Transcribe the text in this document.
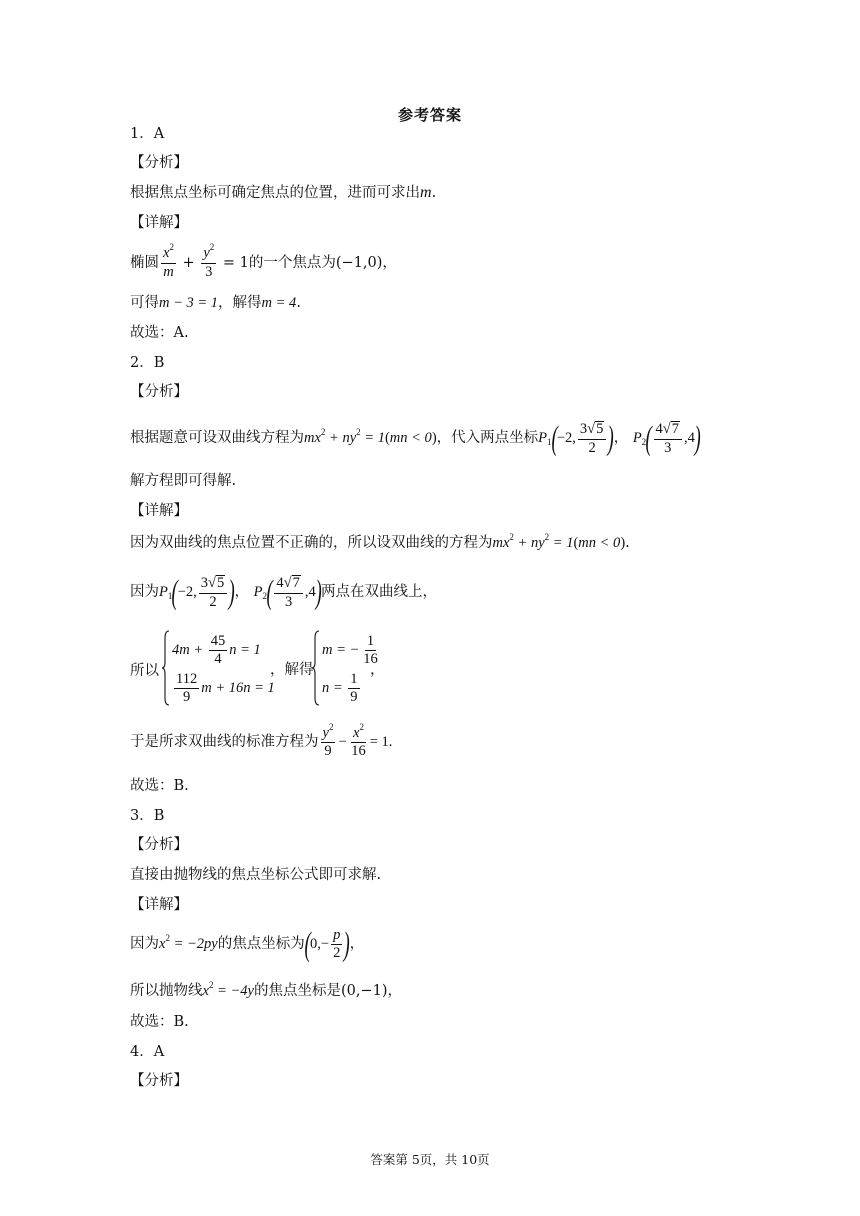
参考答案
1．A
【分析】
根据焦点坐标可确定焦点的位置，进而可求出m.
【详解】
椭圆 $\frac{x^2}{m} + \frac{y^2}{3} = 1$的一个焦点为(−1,0)，
可得m − 3 = 1，解得m = 4.
故选：A.
2．B
【分析】
根据题意可设双曲线方程为$mx^2 + ny^2 = 1(mn < 0)$，代入两点坐标$P_1(-2$, $\frac{3 √ 5}{2}$ )， $P_2( \frac{4 √ 7}{3} ,4)$
解方程即可得解.
【详解】
因为双曲线的焦点位置不正确的，所以设双曲线的方程为$mx^2 + ny^2 = 1(mn < 0)$.
因为$P_1(-2$, $\frac{3 √ 5}{2}$ )， $P_2( \frac{4 √ 7}{3} ,4)$两点在双曲线上，
所以
$4m + \frac{45}{4}$ n = 1
$\frac{112}{9}$ m + 16n = 1
，解得
m = − $\frac{1}{16}$
$n = \frac{1}{9}$
，
于是所求双曲线的标准方程为 $\frac{y^2}{9} - \frac{x^2}{16} = 1$.
故选：B.
3．B
【分析】
直接由抛物线的焦点坐标公式即可求解.
【详解】
因为$x^2 = -2py$的焦点坐标为($0,- \frac{p}{2}$ )，
所以抛物线$x^2 = -4y$的焦点坐标是(0,−1)，
故选：B.
4．A
【分析】
答案第 5页，共 10页
